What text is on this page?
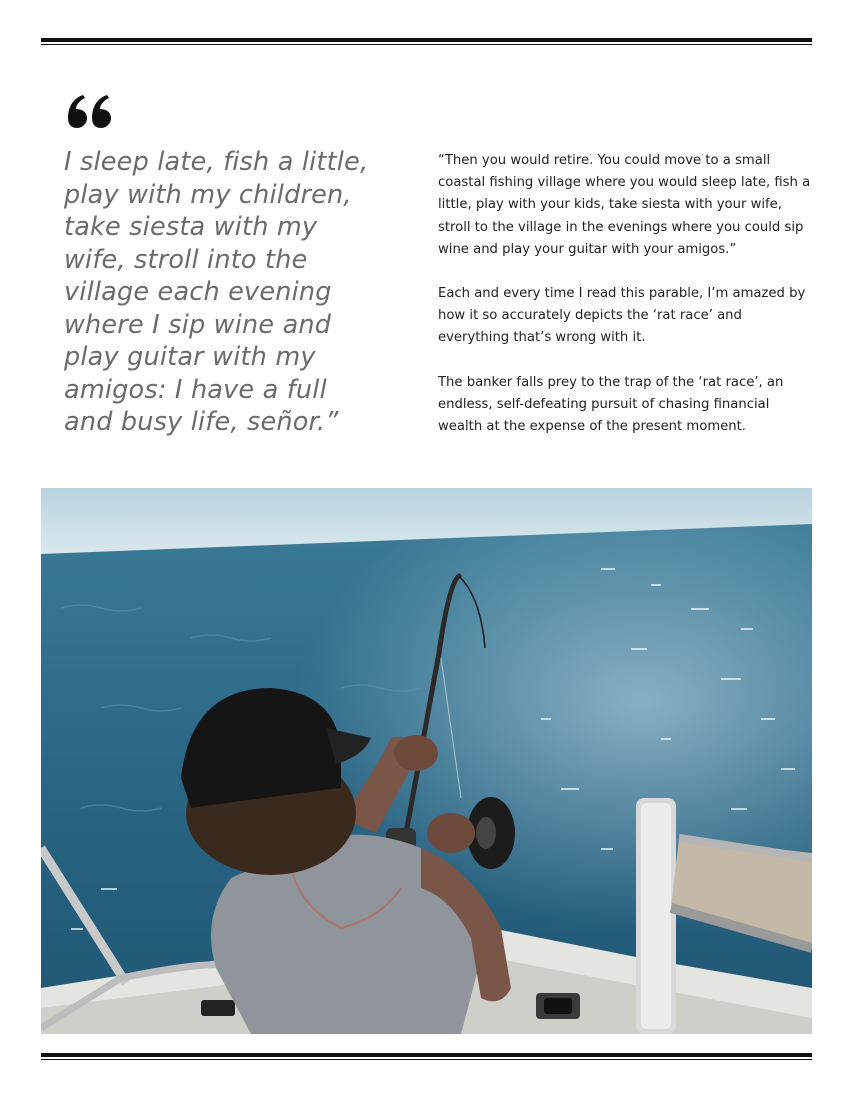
I sleep late, fish a little,
play with my children,
take siesta with my
wife, stroll into the
village each evening
where I sip wine and
play guitar with my
amigos: I have a full
and busy life, señor.”

“Then you would retire. You could move to a small coastal fishing village where you would sleep late, fish a little, play with your kids, take siesta with your wife, stroll to the village in the evenings where you could sip wine and play your guitar with your amigos.”

Each and every time I read this parable, I’m amazed by how it so accurately depicts the ‘rat race’ and everything that’s wrong with it.

The banker falls prey to the trap of the ‘rat race’, an endless, self-defeating pursuit of chasing financial wealth at the expense of the present moment.
